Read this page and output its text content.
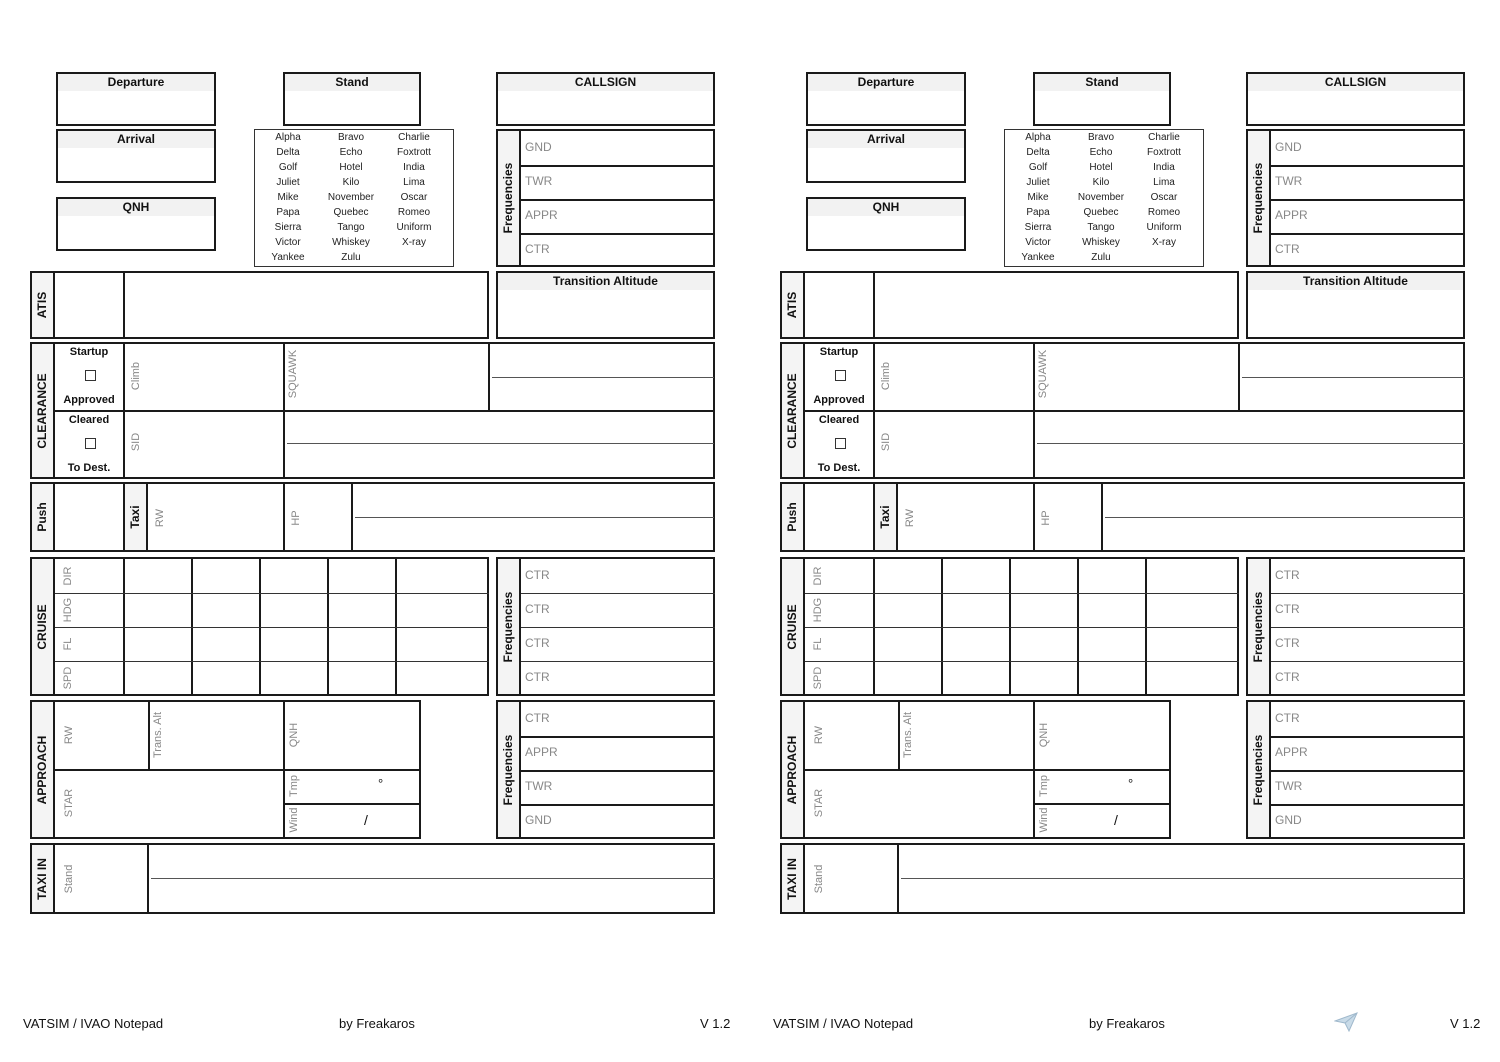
Departure	Stand	CALLSIGN
Arrival
QNH
Alpha	Bravo	Charlie
Delta	Echo	Foxtrott
Golf	Hotel	India
Juliet	Kilo	Lima
Mike	November	Oscar
Papa	Quebec	Romeo
Sierra	Tango	Uniform
Victor	Whiskey	X-ray
Yankee	Zulu
Frequencies
GND
TWR
APPR
CTR
ATIS
Transition Altitude
CLEARANCE
Startup
Approved
Cleared
To Dest.
Climb	SQUAWK
SID
Push	Taxi RW	HP
CRUISE
DIR
HDG
FL
SPD
Frequencies
CTR
CTR
CTR
CTR
APPROACH
RW	Trans. Alt	QNH
STAR
Tmp
Wind
°
/
Frequencies
CTR
APPR
TWR
GND
TAXI IN Stand
VATSIM / IVAO Notepad	by Freakaros	V 1.2
Departure	Stand	CALLSIGN
Arrival
QNH
Alpha	Bravo	Charlie
Delta	Echo	Foxtrott
Golf	Hotel	India
Juliet	Kilo	Lima
Mike	November	Oscar
Papa	Quebec	Romeo
Sierra	Tango	Uniform
Victor	Whiskey	X-ray
Yankee	Zulu
Frequencies
GND
TWR
APPR
CTR
ATIS
Transition Altitude
CLEARANCE
Startup
Approved
Cleared
To Dest.
Climb	SQUAWK
SID
Push	Taxi RW	HP
CRUISE
DIR
HDG
FL
SPD
Frequencies
CTR
CTR
CTR
CTR
APPROACH
RW	Trans. Alt	QNH
STAR
Tmp
Wind
°
/
Frequencies
CTR
APPR
TWR
GND
TAXI IN Stand
VATSIM / IVAO Notepad	by Freakaros	V 1.2
